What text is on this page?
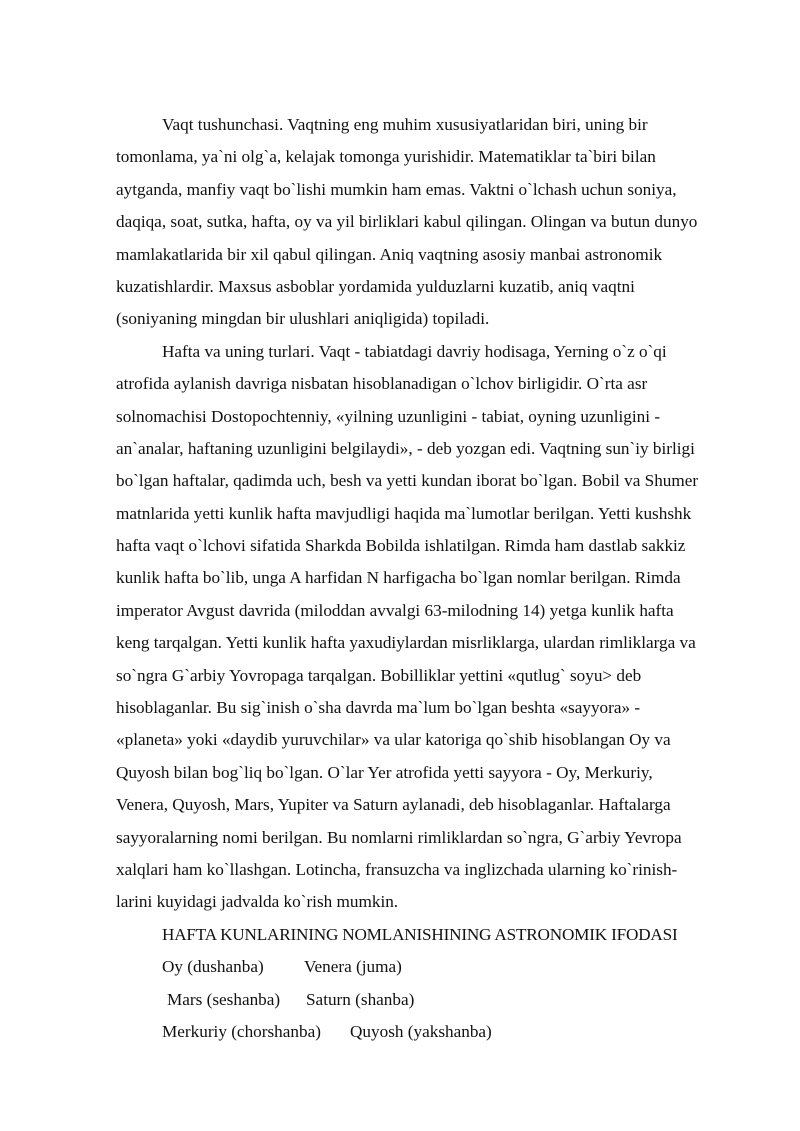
Vaqt tushunchasi. Vaqtning eng muhim xususiyatlaridan biri, uning bir
tomonlama, ya`ni olg`a, kelajak tomonga yurishidir. Matematiklar ta`biri bilan
aytganda, manfiy vaqt bo`lishi mumkin ham emas. Vaktni o`lchash uchun soniya,
daqiqa, soat, sutka, hafta, oy va yil birliklari kabul qilingan. Olingan va butun dunyo
mamlakatlarida bir xil qabul qilingan. Aniq vaqtning asosiy manbai astronomik
kuzatishlardir. Maxsus asboblar yordamida yulduzlarni kuzatib, aniq vaqtni
(soniyaning mingdan bir ulushlari aniqligida) topiladi.
Hafta va uning turlari. Vaqt - tabiatdagi davriy hodisaga, Yerning o`z o`qi
atrofida aylanish davriga nisbatan hisoblanadigan o`lchov birligidir. O`rta asr
solnomachisi Dostopochtenniy, «yilning uzunligini - tabiat, oyning uzunligini -
an`analar, haftaning uzunligini belgilaydi», - deb yozgan edi. Vaqtning sun`iy birligi
bo`lgan haftalar, qadimda uch, besh va yetti kundan iborat bo`lgan. Bobil va Shumer
matnlarida yetti kunlik hafta mavjudligi haqida ma`lumotlar berilgan. Yetti kushshk
hafta vaqt o`lchovi sifatida Sharkda Bobilda ishlatilgan. Rimda ham dastlab sakkiz
kunlik hafta bo`lib, unga A harfidan N harfigacha bo`lgan nomlar berilgan. Rimda
imperator Avgust davrida (miloddan avvalgi 63-milodning 14) yetga kunlik hafta
keng tarqalgan. Yetti kunlik hafta yaxudiylardan misrliklarga, ulardan rimliklarga va
so`ngra G`arbiy Yovropaga tarqalgan. Bobilliklar yettini «qutlug` soyu> deb
hisoblaganlar. Bu sig`inish o`sha davrda ma`lum bo`lgan beshta «sayyora» -
«planeta» yoki «daydib yuruvchilar» va ular katoriga qo`shib hisoblangan Oy va
Quyosh bilan bog`liq bo`lgan. O`lar Yer atrofida yetti sayyora - Oy, Merkuriy,
Venera, Quyosh, Mars, Yupiter va Saturn aylanadi, deb hisoblaganlar. Haftalarga
sayyoralarning nomi berilgan. Bu nomlarni rimliklardan so`ngra, G`arbiy Yevropa
xalqlari ham ko`llashgan. Lotincha, fransuzcha va inglizchada ularning ko`rinish-
larini kuyidagi jadvalda ko`rish mumkin.
HAFTA KUNLARINING NOMLANISHINING ASTRONOMIK IFODASI
Oy (dushanba) Venera (juma)
Mars (seshanba) Saturn (shanba)
Merkuriy (chorshanba) Quyosh (yakshanba)
